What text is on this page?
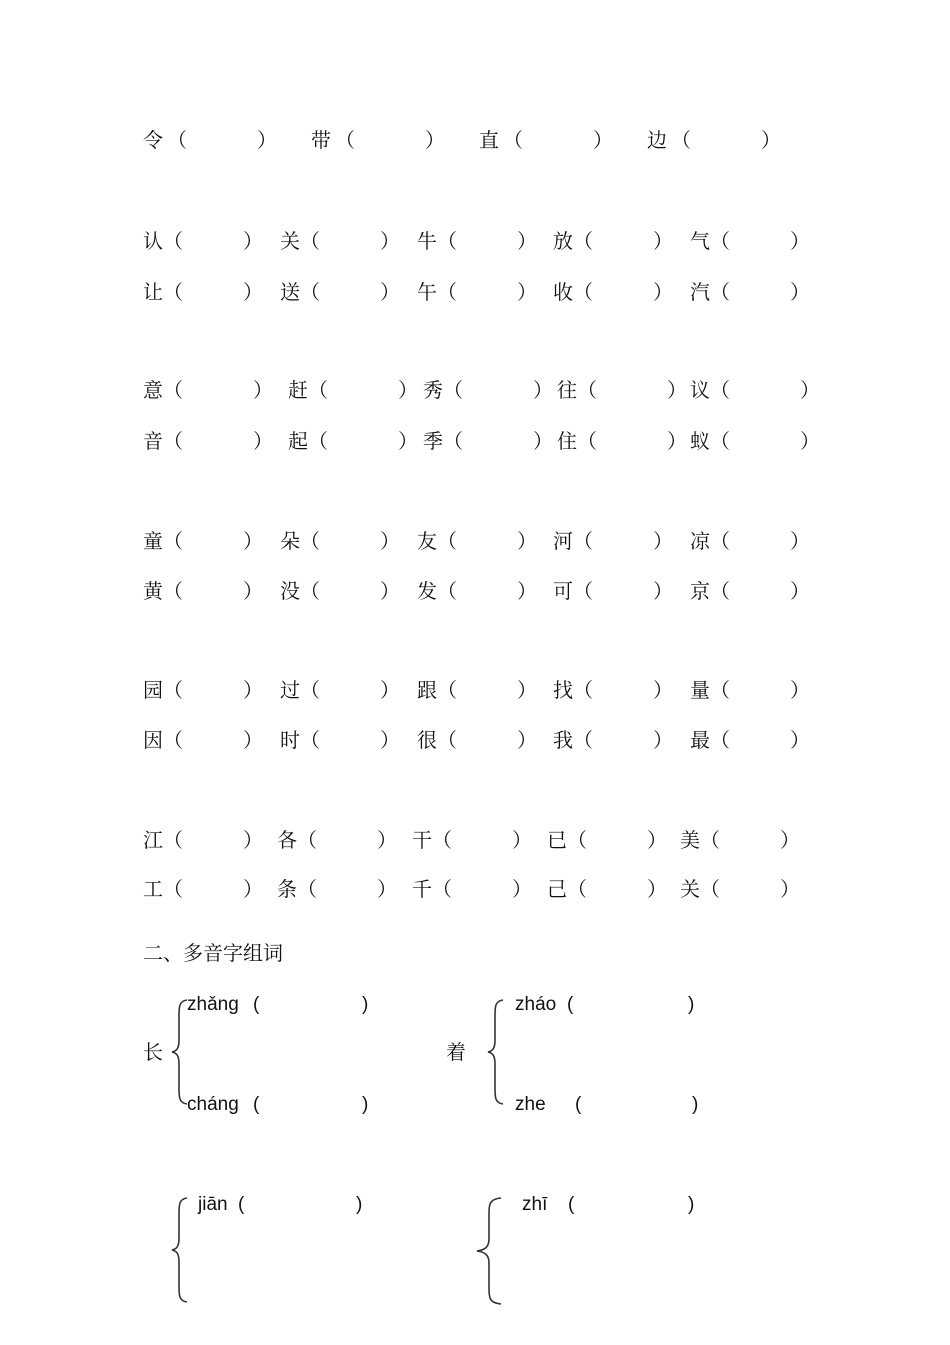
令 （	） 带 （	） 直 （	） 边 （	）
认 （	） 关 （	） 牛 （	） 放 （	） 气 （	）
让 （	） 送 （	） 午 （	） 收 （	） 汽 （	）
意 （	） 赶 （	） 秀 （	） 往 （	） 议 （	）
音 （	） 起 （	） 季 （	） 住 （	） 蚁 （	）
童 （	） 朵 （	） 友 （	） 河 （	） 凉 （	）
黄 （	） 没 （	） 发 （	） 可 （	） 京 （	）
园 （	） 过 （	） 跟 （	） 找 （	） 量 （	）
因 （	） 时 （	） 很 （	） 我 （	） 最 （	）
江 （	） 各 （	） 干 （	） 已 （	） 美 （	）
工 （	） 条 （	） 千 （	） 己 （	） 关 （	）
二、多音字组词
长
zhǎng (	)
cháng (	)
着
zháo (	)
zhe (	)
jiān (	)	zhī (	)
